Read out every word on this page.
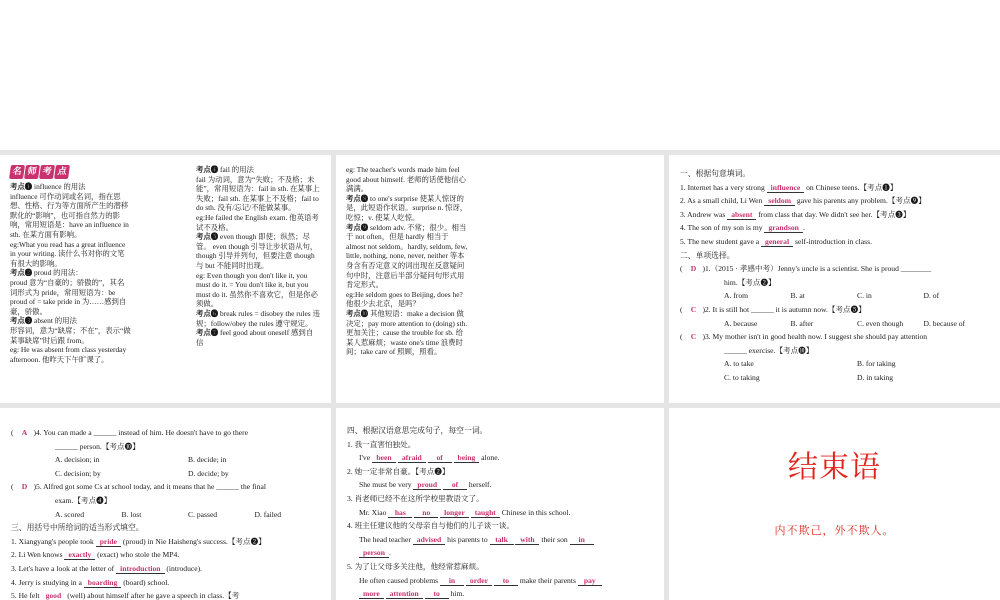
名 师 考 点
考点❶ influence 的用法
influence 可作动词或名词，指在思想、性格、行为等方面所产生的潜移默化的“影响”，也可指自然力的影响，常用短语是：have an influence in sth. 在某方面有影响。
eg:What you read has a great influence in your writing. 读什么书对你的文笔有很大的影响。
考点❷ proud 的用法：
proud 意为“自豪的；骄傲的”，其名词形式为 pride，常用短语为：be proud of = take pride in 为……感到自豪，骄傲。
考点❸ absent 的用法
形容词，意为“缺席；不在”，表示“做某事缺席”时后跟 from。
eg: He was absent from class yesterday afternoon. 他昨天下午旷课了。
考点❹ fail 的用法
fail 为动词，意为“失败；不及格；未能”，常用短语为：fail in sth. 在某事上失败；fail sth. 在某事上不及格；fail to do sth. 没有/忘记/不能做某事。
eg:He failed the English exam. 他英语考试不及格。
考点❺ even though 即使；纵然；尽管。 even though 引导让步状语从句，though 引导并列句，但要注意 though 与 but 不能同时出现。
eg: Even though you don't like it, you must do it. = You don't like it, but you must do it. 虽然你不喜欢它，但是你必须做。
考点❻ break rules = disobey the rules 违规；follow/obey the rules 遵守规定。
考点❼ feel good about oneself 感到自信
eg: The teacher's words made him feel good about himself. 老师的话使他信心满满。
考点❽ to one's surprise 使某人惊讶的是，此短语作状语。surprise n. 惊讶，吃惊；v. 使某人吃惊。
考点❾ seldom adv. 不常；很少。相当于 not often，但是 hardly 相当于 almost not seldom。hardly, seldom, few, little, nothing, none, never, neither 等本身含有否定意义的词出现在反意疑问句中时，注意后半部分疑问句形式用肯定形式。
eg:He seldom goes to Beijing, does he? 他很少去北京，是吗？
考点❿ 其他短语：make a decision 做决定；pay more attention to (doing) sth. 更加关注；cause the trouble for sb. 给某人惹麻烦；waste one's time 浪费时间；take care of 照顾，照看。
一、根据句意填词。
1. Internet has a very strong influence on Chinese teens.【考点❶】
2. As a small child, Li Wen seldom gave his parents any problem.【考点❾】
3. Andrew was absent from class that day. We didn't see her.【考点❸】
4. The son of my son is my grandson .
5. The new student gave a general self-introduction in class.
二、单项选择。
( D )1.（2015 · 孝感中考）Jenny's uncle is a scientist. She is proud ________
him.【考点❷】
A. from	B. at	C. in	D. of
( C )2. It is still hot ______ it is autumn now.【考点❺】
A. because	B. after	C. even though	D. because of
( C )3. My mother isn't in good health now. I suggest she should pay attention
______ exercise.【考点❿】
A. to take	B. for taking
C. to taking	D. in taking
( A )4. You can made a ______ instead of him. He doesn't have to go there
______ person.【考点❿】
A. decision; in	B. decide; in
C. decision; by	D. decide; by
( D )5. Alfred got some Cs at school today, and it means that he ______ the final
exam.【考点❹】
A. scored	B. lost	C. passed	D. failed
三、用括号中所给词的适当形式填空。
1. Xiangyang's people took pride (proud) in Nie Haisheng's success.【考点❷】
2. Li Wen knows exactly (exact) who stole the MP4.
3. Let's have a look at the letter of introduction (introduce).
4. Jerry is studying in a boarding (board) school.
5. He felt good (well) about himself after he gave a speech in class.【考
四、根据汉语意思完成句子，每空一词。
1. 我一直害怕独处。
I've been afraid of being alone.
2. 她一定非常自豪。【考点❷】
She must be very proud of herself.
3. 肖老师已经不在这所学校里教语文了。
Mr. Xiao has no longer taught Chinese in this school.
4. 班主任建议他的父母亲自与他们的儿子谈一谈。
The head teacher advised his parents to talk with their son in
person .
5. 为了让父母多关注他，他经常惹麻烦。
He often caused problems in order to make their parents pay
more attention to him.
结束语
内不欺己，外不欺人。
